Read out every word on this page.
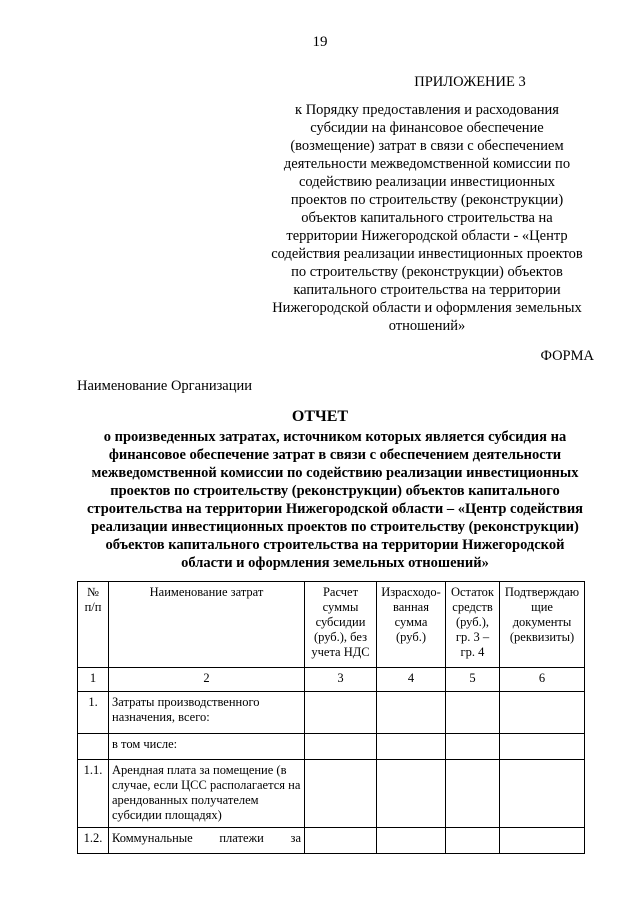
19
ПРИЛОЖЕНИЕ 3
к Порядку предоставления и расходования
субсидии на финансовое обеспечение
(возмещение) затрат в связи с обеспечением
деятельности межведомственной комиссии по
содействию реализации инвестиционных
проектов по строительству (реконструкции)
объектов капитального строительства на
территории Нижегородской области - «Центр
содействия реализации инвестиционных проектов
по строительству (реконструкции) объектов
капитального строительства на территории
Нижегородской области и оформления земельных
отношений»
ФОРМА
Наименование Организации
ОТЧЕТ
о произведенных затратах, источником которых является субсидия на
финансовое обеспечение затрат в связи с обеспечением деятельности
межведомственной комиссии по содействию реализации инвестиционных
проектов по строительству (реконструкции) объектов капитального
строительства на территории Нижегородской области – «Центр содействия
реализации инвестиционных проектов по строительству (реконструкции)
объектов капитального строительства на территории Нижегородской
области и оформления земельных отношений»
№ п/п	Наименование затрат	Расчет суммы субсидии (руб.), без учета НДС	Израсходо-ванная сумма (руб.)	Остаток средств (руб.), гр. 3 – гр. 4	Подтверждаю щие документы (реквизиты)
1	2	3	4	5	6
1.	Затраты производственного назначения, всего:				
	в том числе:				
1.1.	Арендная плата за помещение (в случае, если ЦСС располагается на арендованных получателем субсидии площадях)				
1.2.	Коммунальные платежи за				
